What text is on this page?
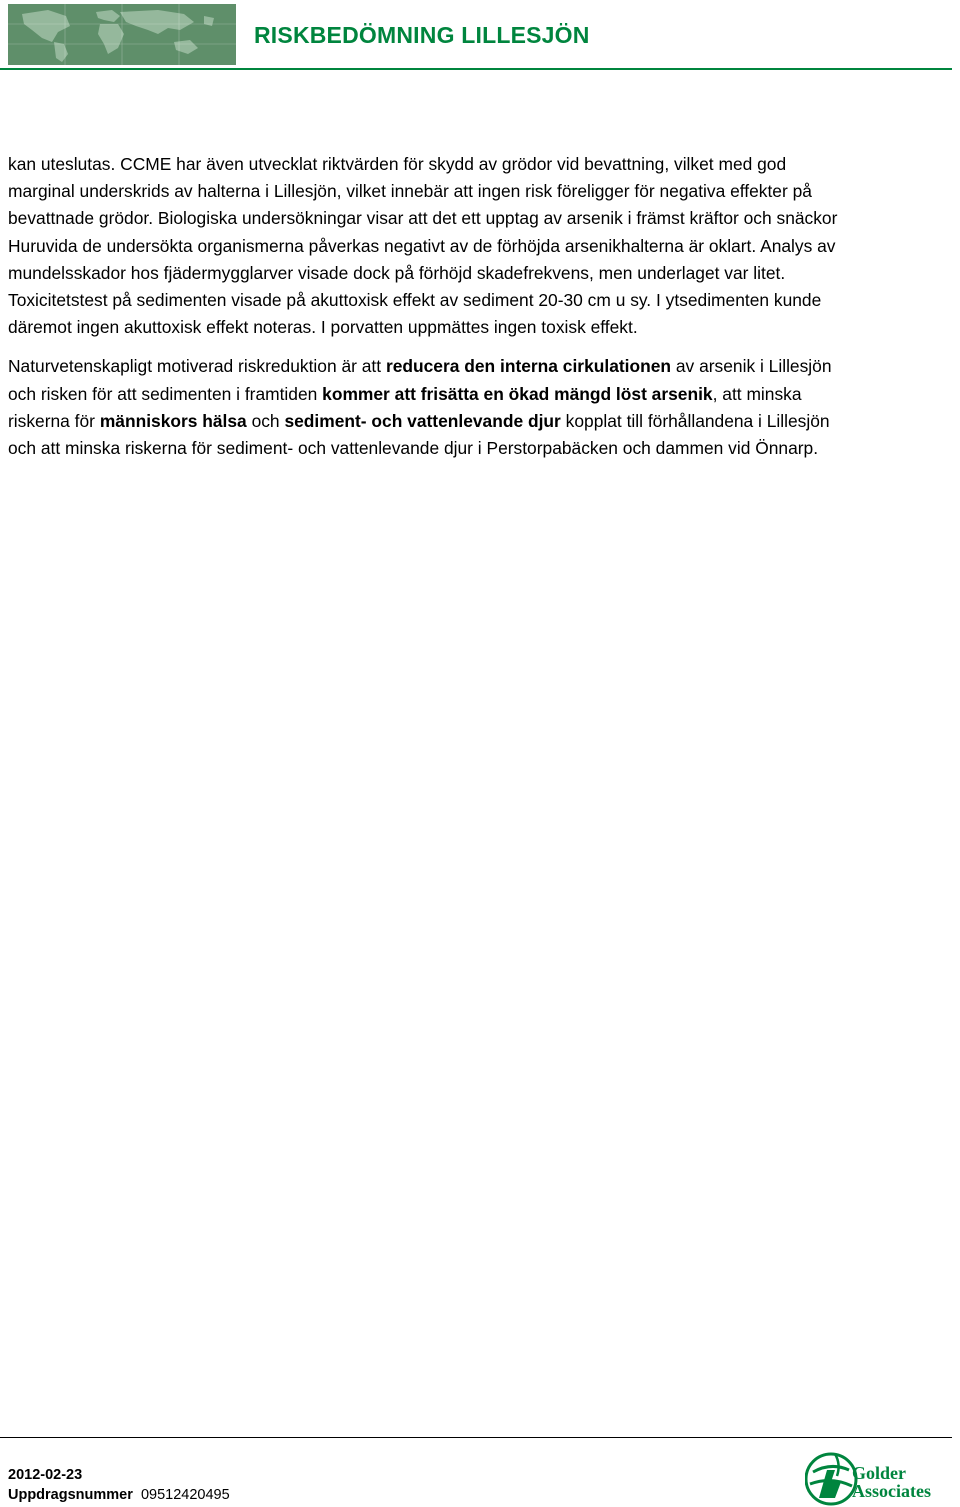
RISKBEDÖMNING LILLESJÖN

kan uteslutas. CCME har även utvecklat riktvärden för skydd av grödor vid bevattning, vilket med god
marginal underskrids av halterna i Lillesjön, vilket innebär att ingen risk föreligger för negativa effekter på
bevattnade grödor. Biologiska undersökningar visar att det ett upptag av arsenik i främst kräftor och snäckor
Huruvida de undersökta organismerna påverkas negativt av de förhöjda arsenikhalterna är oklart. Analys av
mundelsskador hos fjädermygglarver visade dock på förhöjd skadefrekvens, men underlaget var litet.
Toxicitetstest på sedimenten visade på akuttoxisk effekt av sediment 20-30 cm u sy. I ytsedimenten kunde
däremot ingen akuttoxisk effekt noteras. I porvatten uppmättes ingen toxisk effekt.

Naturvetenskapligt motiverad riskreduktion är att reducera den interna cirkulationen av arsenik i Lillesjön
och risken för att sedimenten i framtiden kommer att frisätta en ökad mängd löst arsenik, att minska
riskerna för människors hälsa och sediment- och vattenlevande djur kopplat till förhållandena i Lillesjön
och att minska riskerna för sediment- och vattenlevande djur i Perstorpabäcken och dammen vid Önnarp.

2012-02-23
Uppdragsnummer 09512420495
Golder
Associates
